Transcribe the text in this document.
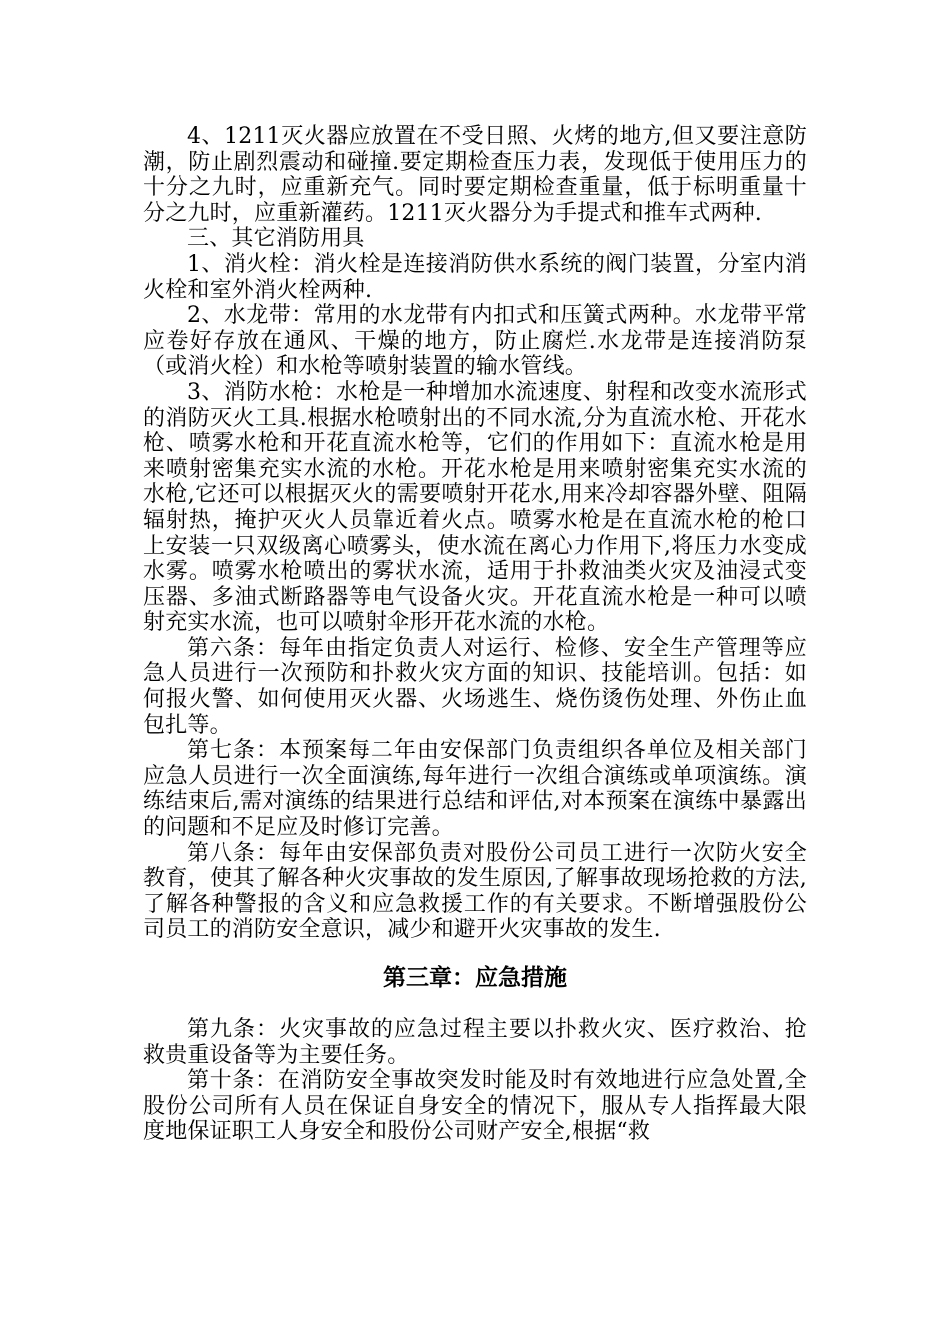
4、1211灭火器应放置在不受日照、火烤的地方,但又要注意防潮，防止剧烈震动和碰撞.要定期检查压力表，发现低于使用压力的十分之九时，应重新充气。同时要定期检查重量，低于标明重量十分之九时，应重新灌药。1211灭火器分为手提式和推车式两种.

三、其它消防用具

1、消火栓：消火栓是连接消防供水系统的阀门装置，分室内消火栓和室外消火栓两种.

2、水龙带：常用的水龙带有内扣式和压簧式两种。水龙带平常应卷好存放在通风、干燥的地方，防止腐烂.水龙带是连接消防泵（或消火栓）和水枪等喷射装置的输水管线。

3、消防水枪：水枪是一种增加水流速度、射程和改变水流形式的消防灭火工具.根据水枪喷射出的不同水流,分为直流水枪、开花水枪、喷雾水枪和开花直流水枪等，它们的作用如下：直流水枪是用来喷射密集充实水流的水枪。开花水枪是用来喷射密集充实水流的水枪,它还可以根据灭火的需要喷射开花水,用来冷却容器外壁、阻隔辐射热，掩护灭火人员靠近着火点。喷雾水枪是在直流水枪的枪口上安装一只双级离心喷雾头，使水流在离心力作用下,将压力水变成水雾。喷雾水枪喷出的雾状水流，适用于扑救油类火灾及油浸式变压器、多油式断路器等电气设备火灾。开花直流水枪是一种可以喷射充实水流，也可以喷射伞形开花水流的水枪。

第六条：每年由指定负责人对运行、检修、安全生产管理等应急人员进行一次预防和扑救火灾方面的知识、技能培训。包括：如何报火警、如何使用灭火器、火场逃生、烧伤烫伤处理、外伤止血包扎等。

第七条：本预案每二年由安保部门负责组织各单位及相关部门应急人员进行一次全面演练,每年进行一次组合演练或单项演练。演练结束后,需对演练的结果进行总结和评估,对本预案在演练中暴露出的问题和不足应及时修订完善。

第八条：每年由安保部负责对股份公司员工进行一次防火安全教育，使其了解各种火灾事故的发生原因,了解事故现场抢救的方法,了解各种警报的含义和应急救援工作的有关要求。不断增强股份公司员工的消防安全意识，减少和避开火灾事故的发生.

第三章：应急措施

第九条：火灾事故的应急过程主要以扑救火灾、医疗救治、抢救贵重设备等为主要任务。

第十条：在消防安全事故突发时能及时有效地进行应急处置,全股份公司所有人员在保证自身安全的情况下，服从专人指挥最大限度地保证职工人身安全和股份公司财产安全,根据“救
